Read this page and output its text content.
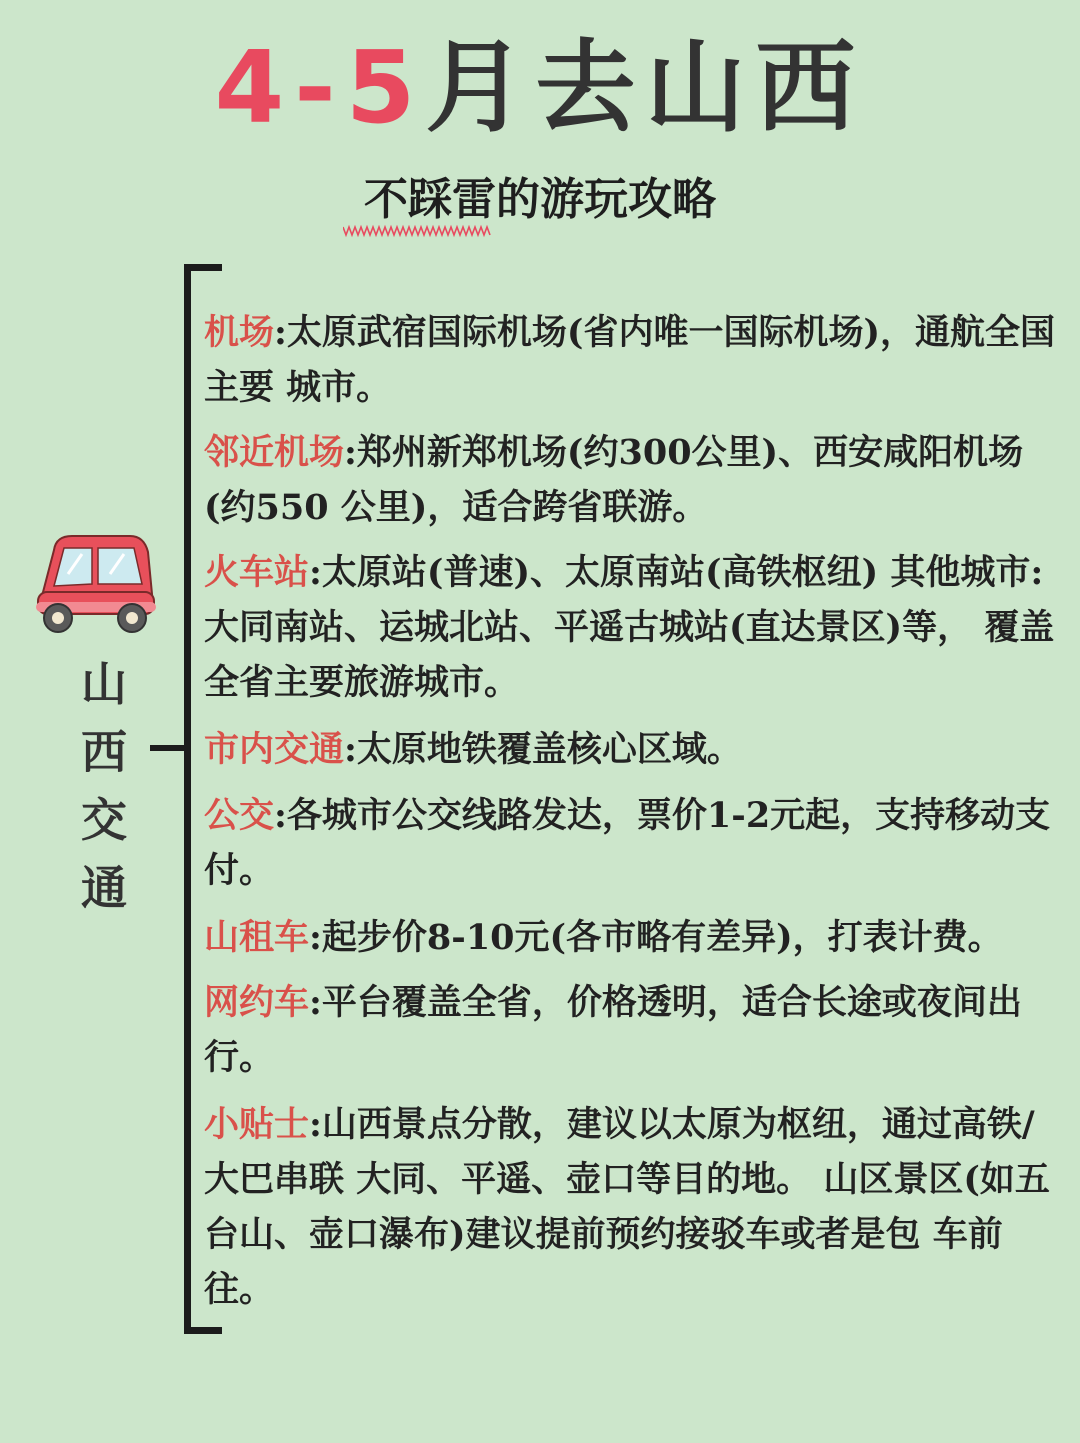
4-5月去山西
不踩雷的游玩攻略
山
西
交
通
机场:太原武宿国际机场(省内唯一国际机场)，通航全国主要 城市。
邻近机场:郑州新郑机场(约300公里)、西安咸阳机场(约550 公里)，适合跨省联游。
火车站:太原站(普速)、太原南站(高铁枢纽) 其他城市:大同南站、运城北站、平遥古城站(直达景区)等， 覆盖全省主要旅游城市。
市内交通:太原地铁覆盖核心区域。
公交:各城市公交线路发达，票价1-2元起，支持移动支付。
山租车:起步价8-10元(各市略有差异)，打表计费。
网约车:平台覆盖全省，价格透明，适合长途或夜间出行。
小贴士:山西景点分散，建议以太原为枢纽，通过高铁/大巴串联 大同、平遥、壶口等目的地。 山区景区(如五台山、壶口瀑布)建议提前预约接驳车或者是包 车前往。
